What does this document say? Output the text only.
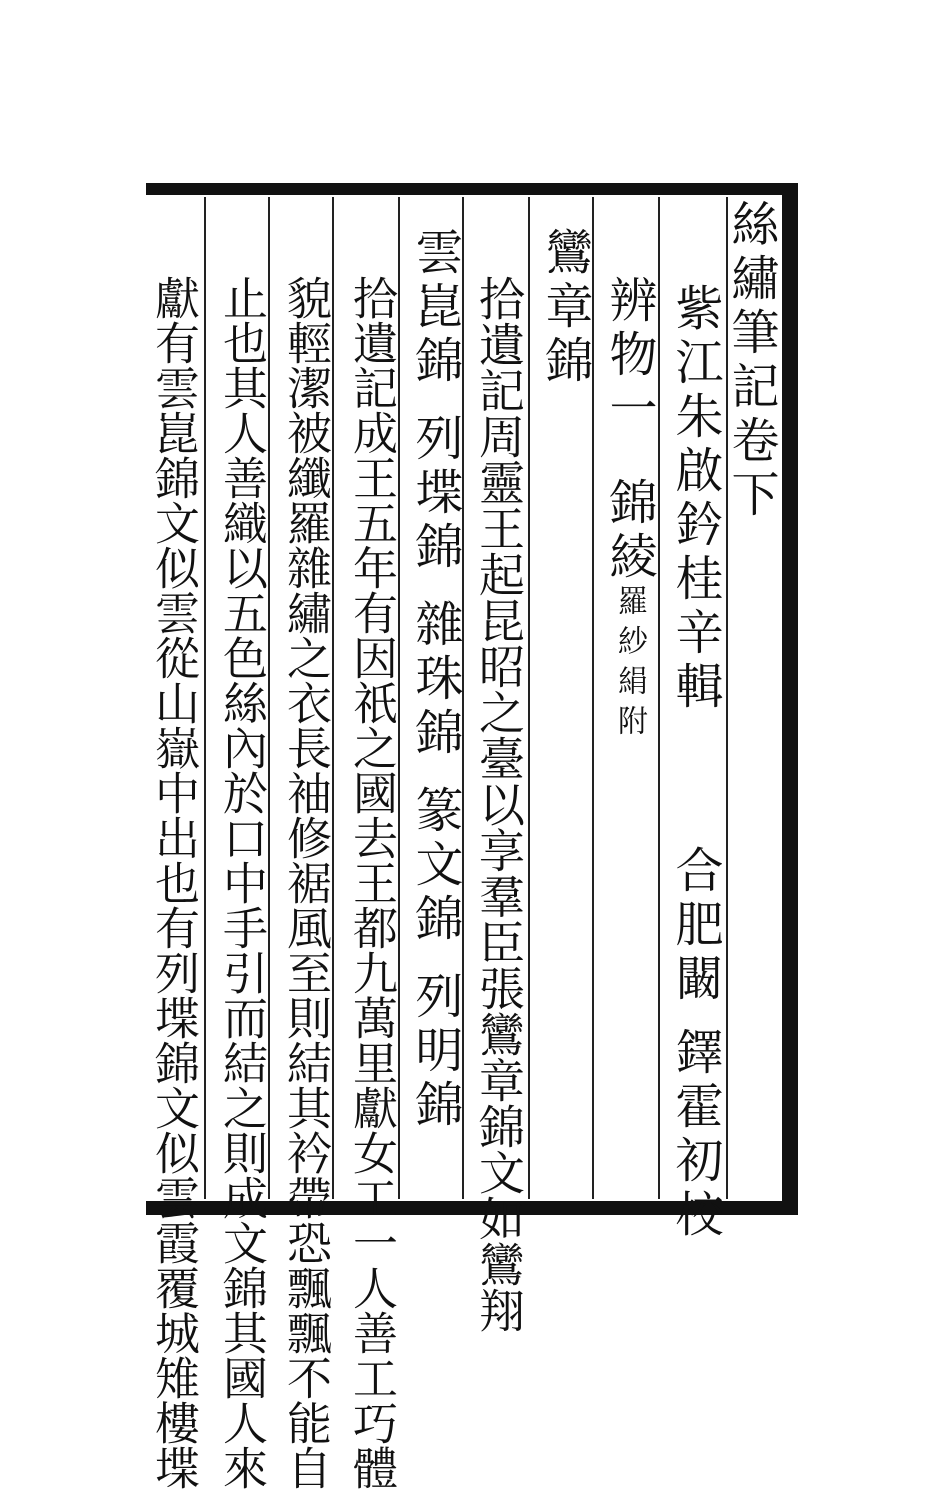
絲繡筆記卷下
紫江朱啟鈐桂辛輯合肥闞鐸霍初校
辨物一錦綾羅紗絹附
鸞章錦
拾遺記周靈王起昆昭之臺以享羣臣張鸞章錦文如鸞翔
雲崑錦列堞錦雜珠錦篆文錦列明錦
拾遺記成王五年有因祇之國去王都九萬里獻女工一人善工巧體
貌輕潔被纖羅雜繡之衣長袖修裾風至則結其衿帶恐飄飄不能自
止也其人善織以五色絲內於口中手引而結之則成文錦其國人來
獻有雲崑錦文似雲從山嶽中出也有列堞錦文似雲霞覆城雉樓堞
